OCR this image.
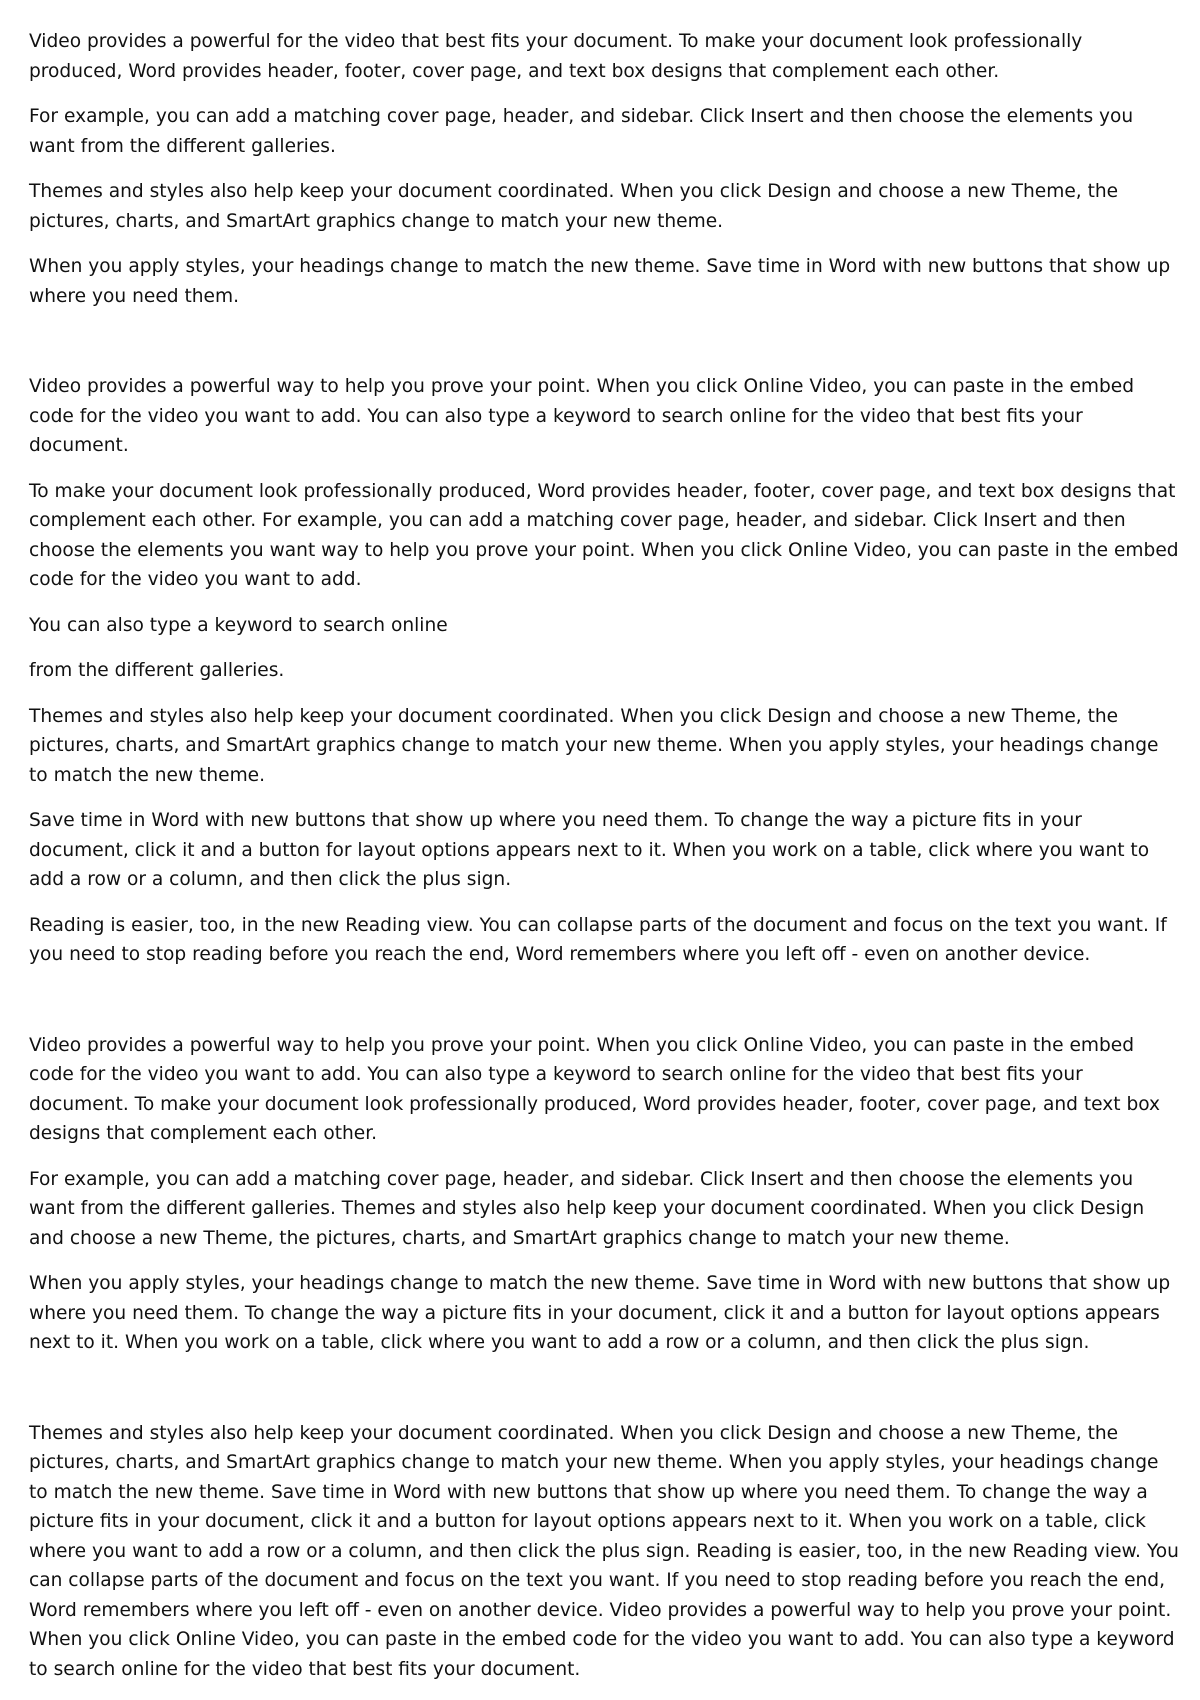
Video provides a powerful for the video that best fits your document. To make your document look professionally produced, Word provides header, footer, cover page, and text box designs that complement each other.

For example, you can add a matching cover page, header, and sidebar. Click Insert and then choose the elements you want from the different galleries.

Themes and styles also help keep your document coordinated. When you click Design and choose a new Theme, the pictures, charts, and SmartArt graphics change to match your new theme.

When you apply styles, your headings change to match the new theme. Save time in Word with new buttons that show up where you need them.

Video provides a powerful way to help you prove your point. When you click Online Video, you can paste in the embed code for the video you want to add. You can also type a keyword to search online for the video that best fits your document.

To make your document look professionally produced, Word provides header, footer, cover page, and text box designs that complement each other. For example, you can add a matching cover page, header, and sidebar. Click Insert and then choose the elements you want way to help you prove your point. When you click Online Video, you can paste in the embed code for the video you want to add.

You can also type a keyword to search online

from the different galleries.

Themes and styles also help keep your document coordinated. When you click Design and choose a new Theme, the pictures, charts, and SmartArt graphics change to match your new theme. When you apply styles, your headings change to match the new theme.

Save time in Word with new buttons that show up where you need them. To change the way a picture fits in your document, click it and a button for layout options appears next to it. When you work on a table, click where you want to add a row or a column, and then click the plus sign.

Reading is easier, too, in the new Reading view. You can collapse parts of the document and focus on the text you want. If you need to stop reading before you reach the end, Word remembers where you left off - even on another device.

Video provides a powerful way to help you prove your point. When you click Online Video, you can paste in the embed code for the video you want to add. You can also type a keyword to search online for the video that best fits your document. To make your document look professionally produced, Word provides header, footer, cover page, and text box designs that complement each other.

For example, you can add a matching cover page, header, and sidebar. Click Insert and then choose the elements you want from the different galleries. Themes and styles also help keep your document coordinated. When you click Design and choose a new Theme, the pictures, charts, and SmartArt graphics change to match your new theme.

When you apply styles, your headings change to match the new theme. Save time in Word with new buttons that show up where you need them. To change the way a picture fits in your document, click it and a button for layout options appears next to it. When you work on a table, click where you want to add a row or a column, and then click the plus sign.

Themes and styles also help keep your document coordinated. When you click Design and choose a new Theme, the pictures, charts, and SmartArt graphics change to match your new theme. When you apply styles, your headings change to match the new theme. Save time in Word with new buttons that show up where you need them. To change the way a picture fits in your document, click it and a button for layout options appears next to it. When you work on a table, click where you want to add a row or a column, and then click the plus sign. Reading is easier, too, in the new Reading view. You can collapse parts of the document and focus on the text you want. If you need to stop reading before you reach the end, Word remembers where you left off - even on another device. Video provides a powerful way to help you prove your point. When you click Online Video, you can paste in the embed code for the video you want to add. You can also type a keyword to search online for the video that best fits your document.
